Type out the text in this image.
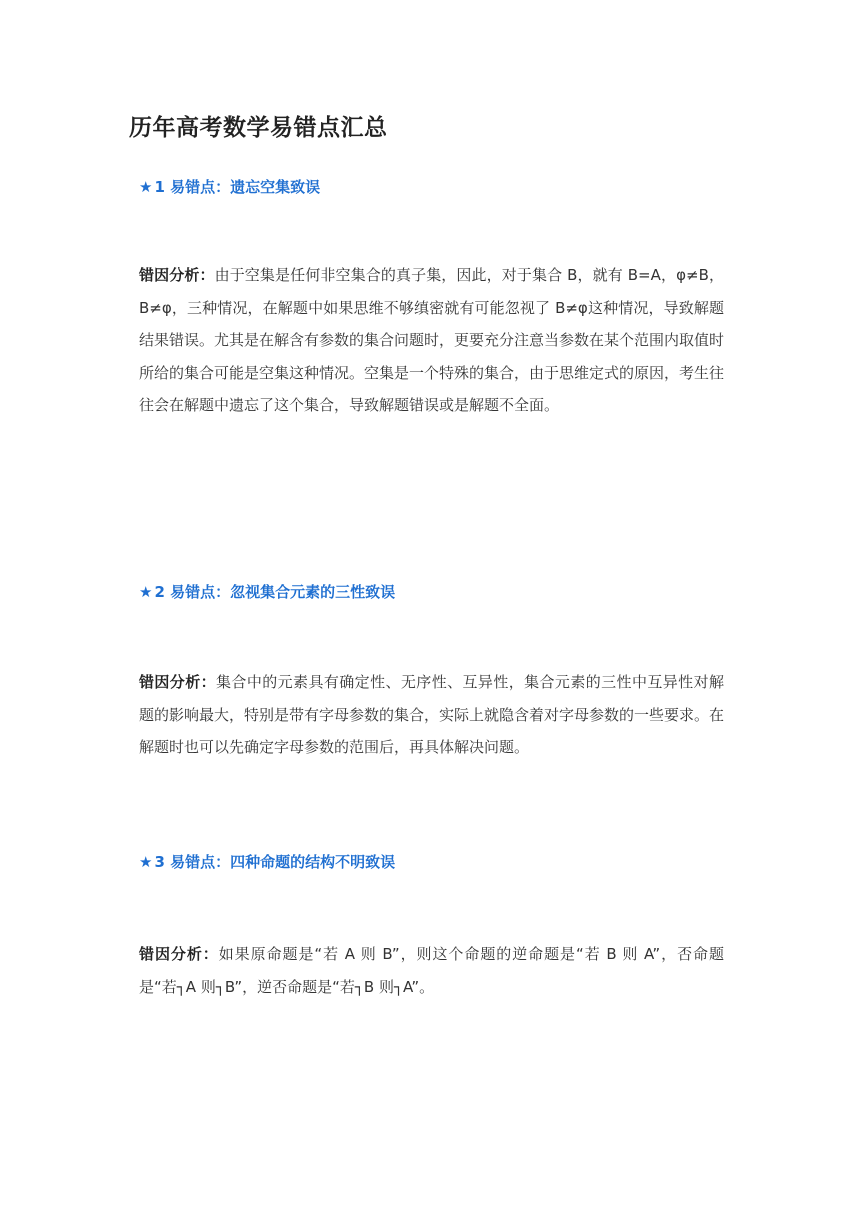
历年高考数学易错点汇总

★ 1 易错点：遗忘空集致误

错因分析：由于空集是任何非空集合的真子集，因此，对于集合 B，就有 B=A，φ≠B，B≠φ，三种情况，在解题中如果思维不够缜密就有可能忽视了 B≠φ这种情况，导致解题结果错误。尤其是在解含有参数的集合问题时，更要充分注意当参数在某个范围内取值时所给的集合可能是空集这种情况。空集是一个特殊的集合，由于思维定式的原因，考生往往会在解题中遗忘了这个集合，导致解题错误或是解题不全面。

★ 2 易错点：忽视集合元素的三性致误

错因分析：集合中的元素具有确定性、无序性、互异性，集合元素的三性中互异性对解题的影响最大，特别是带有字母参数的集合，实际上就隐含着对字母参数的一些要求。在解题时也可以先确定字母参数的范围后，再具体解决问题。

★ 3 易错点：四种命题的结构不明致误

错因分析：如果原命题是“若 A 则 B”，则这个命题的逆命题是“若 B 则 A”，否命题是“若┐A 则┐B”，逆否命题是“若┐B 则┐A”。
